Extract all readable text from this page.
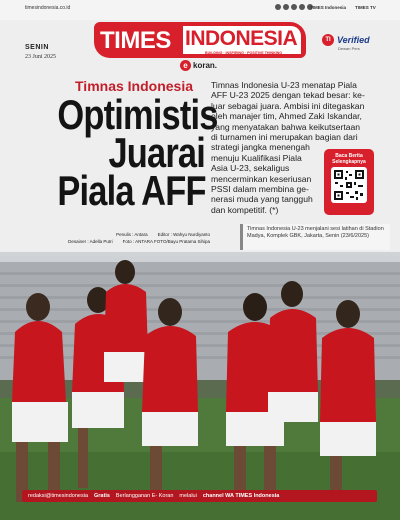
timesindonesia.co.id	TIMES Indonesia TIMES TV
SENIN
23 Juni 2025
TIMES INDONESIA
BUILDING · INSPIRING · POSITIVE THINKING
e koran.
TI Verified
Dewan Pers
Timnas Indonesia
Optimistis
Juarai
Piala AFF
Penulis : Antara Editor : Wahyu Nurdiyanto
Desainer : Adella Putri Foto : ANTARA FOTO/Bayu Pratama Sihipa
Timnas Indonesia U-23 menatap Piala
AFF U-23 2025 dengan tekad besar: ke-
luar sebagai juara. Ambisi ini ditegaskan
oleh manajer tim, Ahmed Zaki Iskandar,
yang menyatakan bahwa keikutsertaan
di turnamen ini merupakan bagian dari
strategi jangka menengah
menuju Kualifikasi Piala
Asia U-23, sekaligus
mencerminkan keseriusan
PSSI dalam membina ge-
nerasi muda yang tangguh
dan kompetitif. (*)
Baca Berita
Selengkapnya
Timnas Indonesia U-23 menjalani sesi latihan di Stadion Madya, Komplek GBK, Jakarta, Senin (23/6/2025)
redaksi@timesindonesia Gratis Berlangganan E- Koran melalui channel WA TIMES Indonesia
